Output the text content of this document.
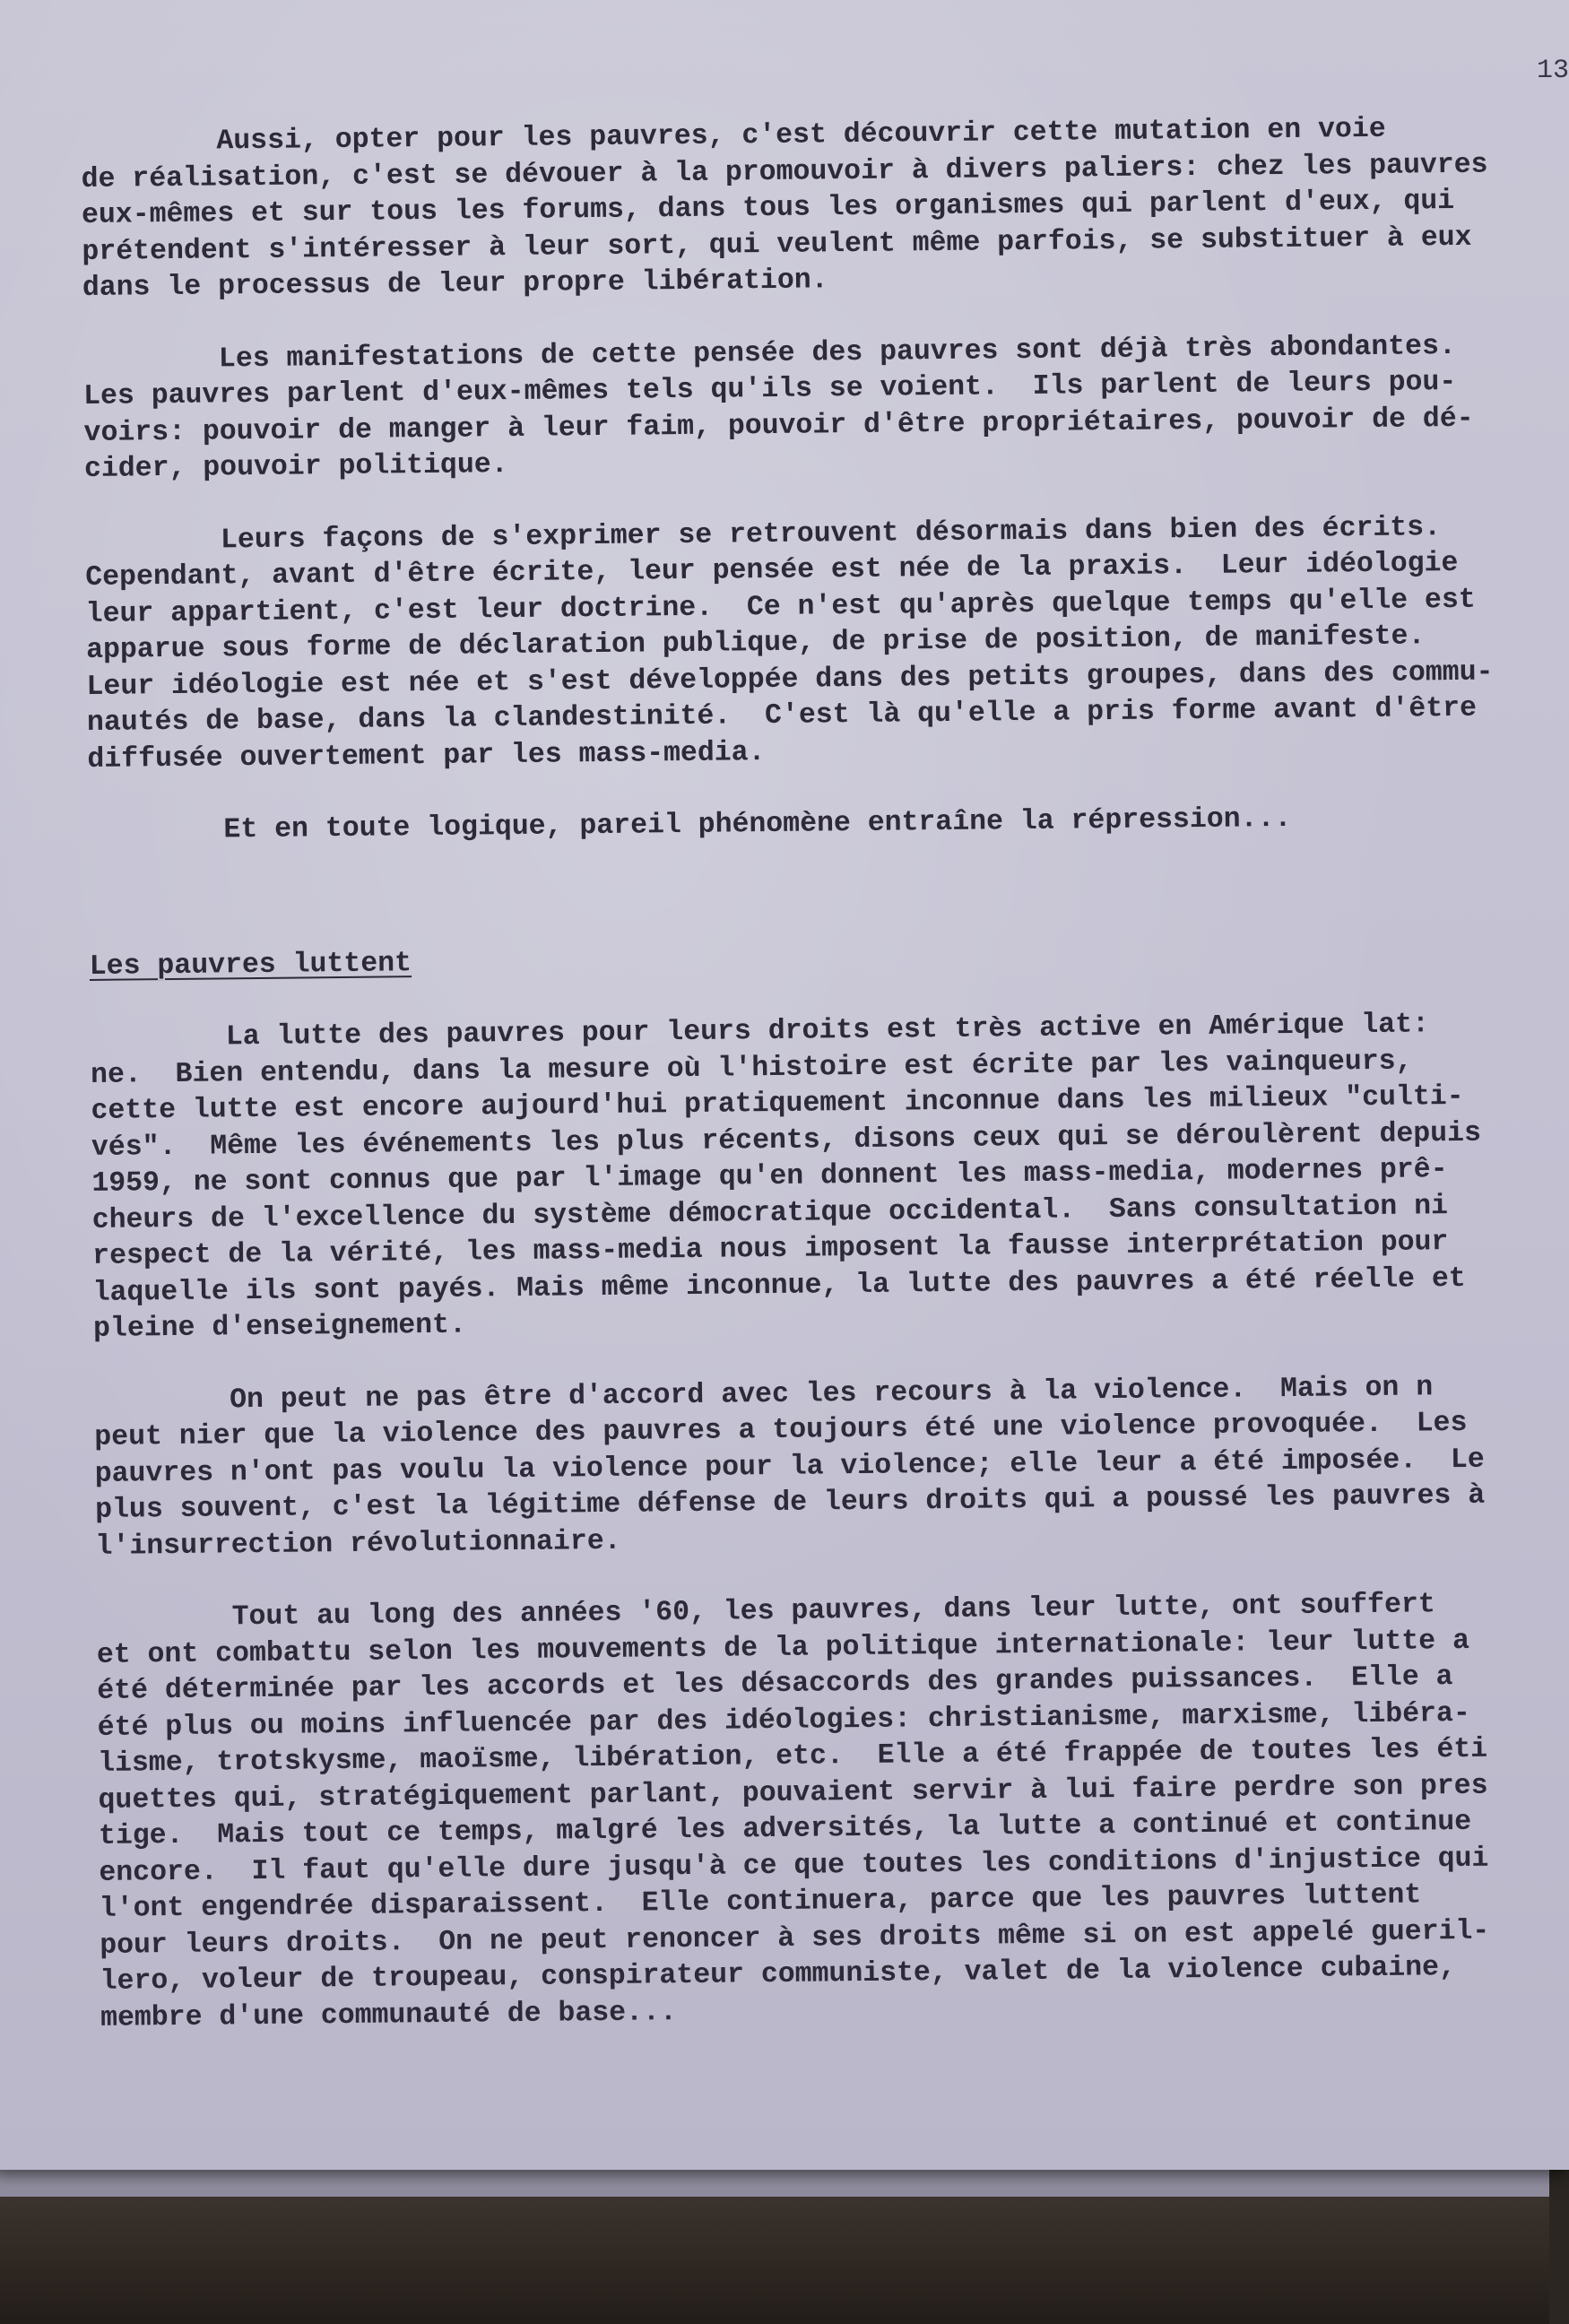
13
Aussi, opter pour les pauvres, c'est découvrir cette mutation en voie
de réalisation, c'est se dévouer à la promouvoir à divers paliers: chez les pauvres
eux-mêmes et sur tous les forums, dans tous les organismes qui parlent d'eux, qui
prétendent s'intéresser à leur sort, qui veulent même parfois, se substituer à eux
dans le processus de leur propre libération.
Les manifestations de cette pensée des pauvres sont déjà très abondantes.
Les pauvres parlent d'eux-mêmes tels qu'ils se voient.  Ils parlent de leurs pou-
voirs: pouvoir de manger à leur faim, pouvoir d'être propriétaires, pouvoir de dé-
cider, pouvoir politique.
Leurs façons de s'exprimer se retrouvent désormais dans bien des écrits.
Cependant, avant d'être écrite, leur pensée est née de la praxis.  Leur idéologie
leur appartient, c'est leur doctrine.  Ce n'est qu'après quelque temps qu'elle est
apparue sous forme de déclaration publique, de prise de position, de manifeste.
Leur idéologie est née et s'est développée dans des petits groupes, dans des commu-
nautés de base, dans la clandestinité.  C'est là qu'elle a pris forme avant d'être
diffusée ouvertement par les mass-media.
Et en toute logique, pareil phénomène entraîne la répression...
Les pauvres luttent
La lutte des pauvres pour leurs droits est très active en Amérique lat:
ne.  Bien entendu, dans la mesure où l'histoire est écrite par les vainqueurs,
cette lutte est encore aujourd'hui pratiquement inconnue dans les milieux "culti-
vés".  Même les événements les plus récents, disons ceux qui se déroulèrent depuis
1959, ne sont connus que par l'image qu'en donnent les mass-media, modernes prê-
cheurs de l'excellence du système démocratique occidental.  Sans consultation ni
respect de la vérité, les mass-media nous imposent la fausse interprétation pour
laquelle ils sont payés. Mais même inconnue, la lutte des pauvres a été réelle et
pleine d'enseignement.
On peut ne pas être d'accord avec les recours à la violence.  Mais on n
peut nier que la violence des pauvres a toujours été une violence provoquée.  Les
pauvres n'ont pas voulu la violence pour la violence; elle leur a été imposée.  Le
plus souvent, c'est la légitime défense de leurs droits qui a poussé les pauvres à
l'insurrection révolutionnaire.
Tout au long des années '60, les pauvres, dans leur lutte, ont souffert
et ont combattu selon les mouvements de la politique internationale: leur lutte a
été déterminée par les accords et les désaccords des grandes puissances.  Elle a
été plus ou moins influencée par des idéologies: christianisme, marxisme, libéra-
lisme, trotskysme, maoïsme, libération, etc.  Elle a été frappée de toutes les éti
quettes qui, stratégiquement parlant, pouvaient servir à lui faire perdre son pres
tige.  Mais tout ce temps, malgré les adversités, la lutte a continué et continue
encore.  Il faut qu'elle dure jusqu'à ce que toutes les conditions d'injustice qui
l'ont engendrée disparaissent.  Elle continuera, parce que les pauvres luttent
pour leurs droits.  On ne peut renoncer à ses droits même si on est appelé gueril-
lero, voleur de troupeau, conspirateur communiste, valet de la violence cubaine,
membre d'une communauté de base...
